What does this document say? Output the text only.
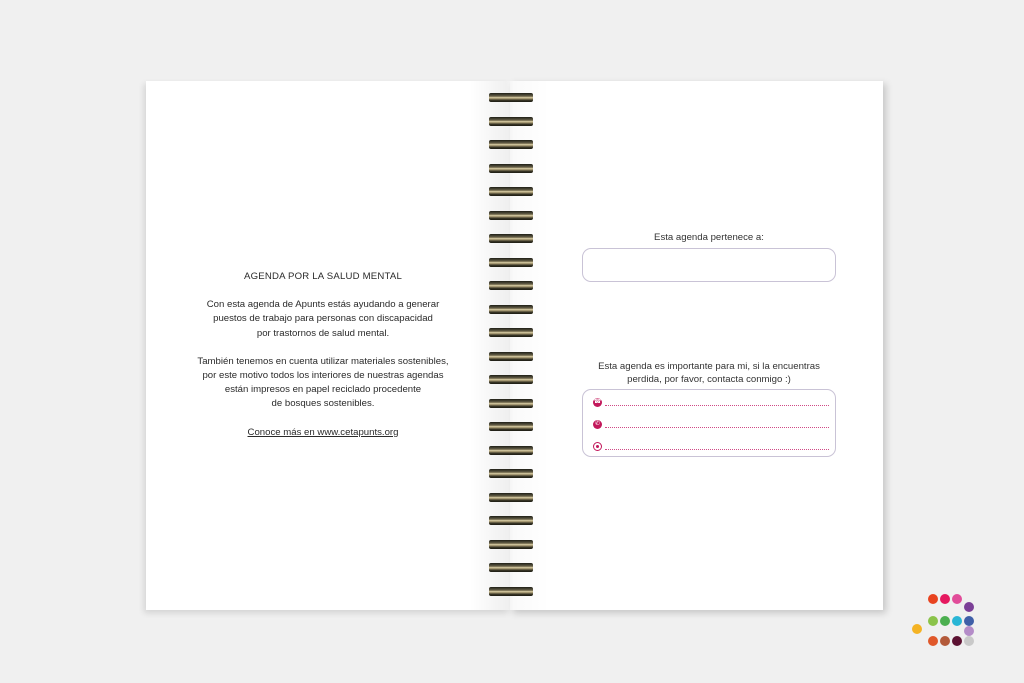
AGENDA POR LA SALUD MENTAL

Con esta agenda de Apunts estás ayudando a generar
puestos de trabajo para personas con discapacidad
por trastornos de salud mental.

También tenemos en cuenta utilizar materiales sostenibles,
por este motivo todos los interiores de nuestras agendas
están impresos en papel reciclado procedente
de bosques sostenibles.

Conoce más en www.cetapunts.org

Esta agenda pertenece a:
Esta agenda es importante para mi, si la encuentras
perdida, por favor, contacta conmigo :)
☎
✆
